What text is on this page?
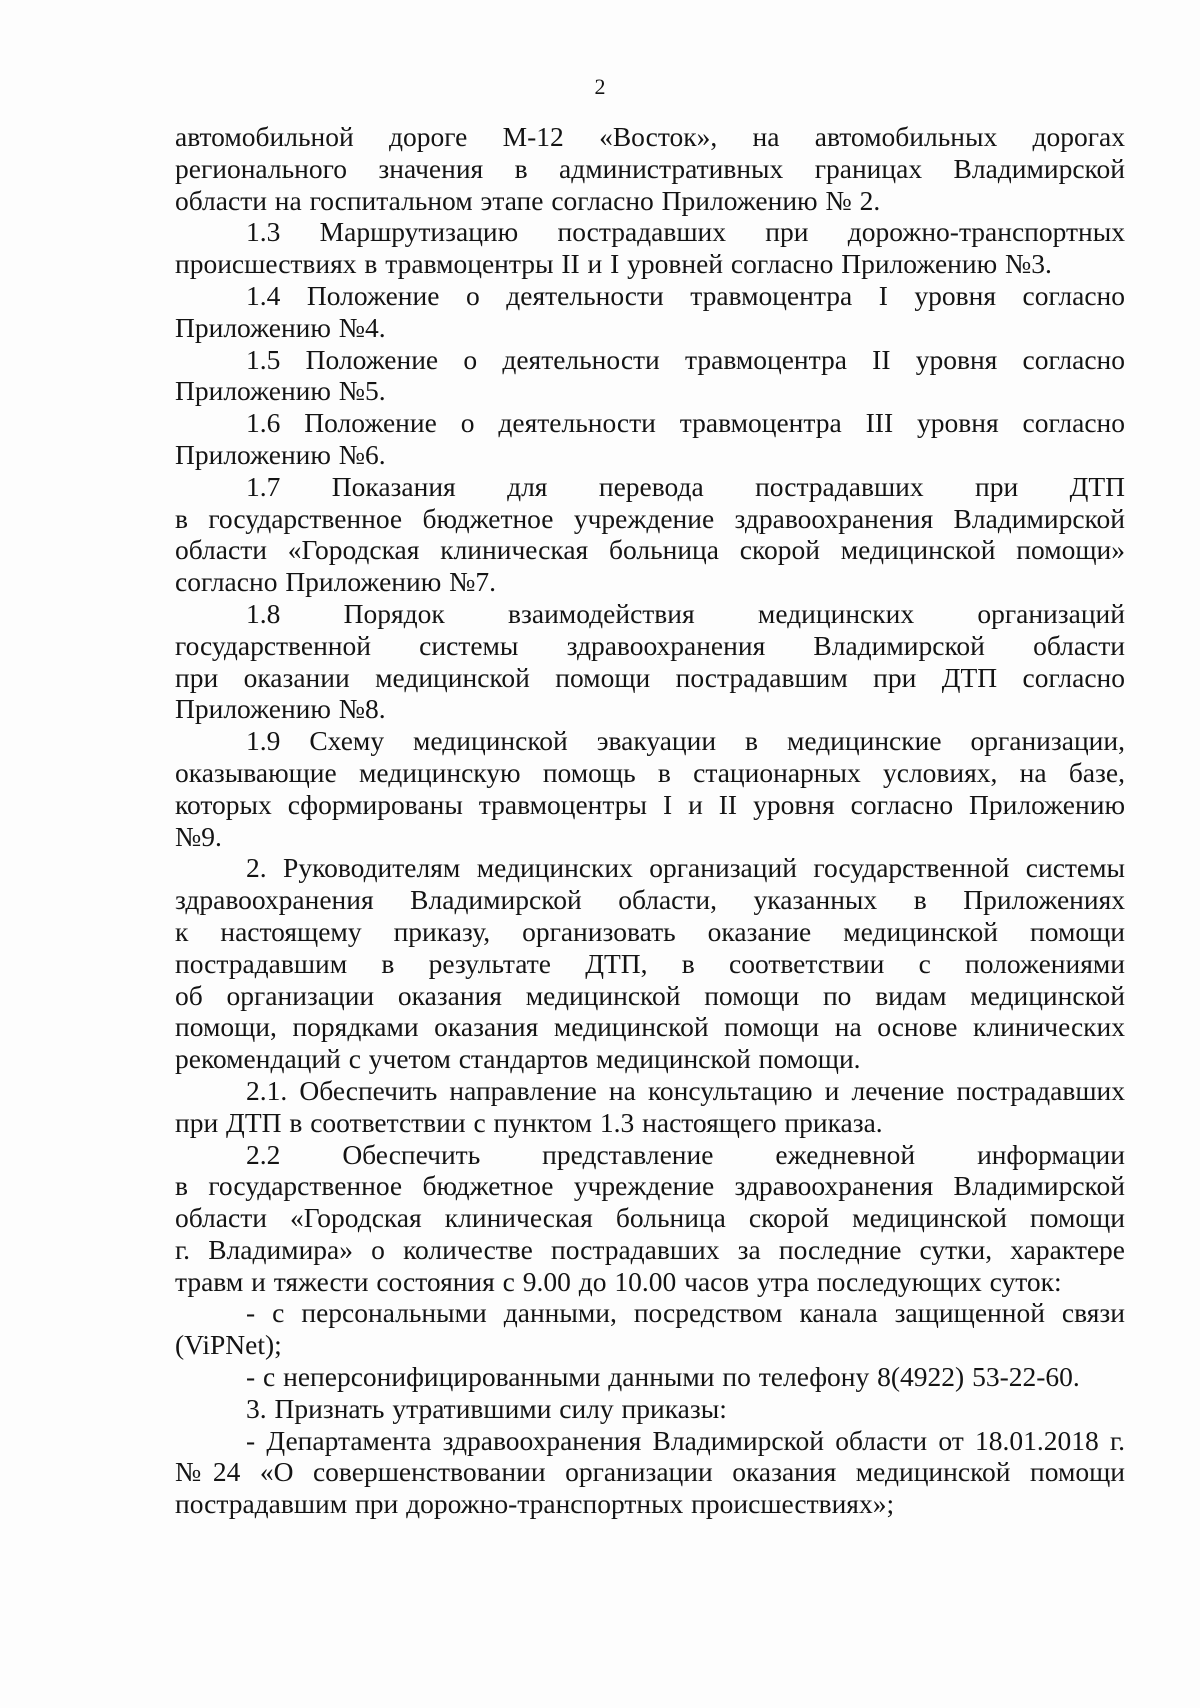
2
автомобильной дороге М-12 «Восток», на автомобильных дорогах
регионального значения в административных границах Владимирской
области на госпитальном этапе согласно Приложению № 2.
1.3 Маршрутизацию пострадавших при дорожно-транспортных
происшествиях в травмоцентры II и I уровней согласно Приложению №3.
1.4 Положение о деятельности травмоцентра I уровня согласно
Приложению №4.
1.5 Положение о деятельности травмоцентра II уровня согласно
Приложению №5.
1.6 Положение о деятельности травмоцентра III уровня согласно
Приложению №6.
1.7 Показания для перевода пострадавших при ДТП
в государственное бюджетное учреждение здравоохранения Владимирской
области «Городская клиническая больница скорой медицинской помощи»
согласно Приложению №7.
1.8 Порядок взаимодействия медицинских организаций
государственной системы здравоохранения Владимирской области
при оказании медицинской помощи пострадавшим при ДТП согласно
Приложению №8.
1.9 Схему медицинской эвакуации в медицинские организации,
оказывающие медицинскую помощь в стационарных условиях, на базе,
которых сформированы травмоцентры I и II уровня согласно Приложению
№9.
2. Руководителям медицинских организаций государственной системы
здравоохранения Владимирской области, указанных в Приложениях
к настоящему приказу, организовать оказание медицинской помощи
пострадавшим в результате ДТП, в соответствии с положениями
об организации оказания медицинской помощи по видам медицинской
помощи, порядками оказания медицинской помощи на основе клинических
рекомендаций с учетом стандартов медицинской помощи.
2.1. Обеспечить направление на консультацию и лечение пострадавших
при ДТП в соответствии с пунктом 1.3 настоящего приказа.
2.2 Обеспечить представление ежедневной информации
в государственное бюджетное учреждение здравоохранения Владимирской
области «Городская клиническая больница скорой медицинской помощи
г. Владимира» о количестве пострадавших за последние сутки, характере
травм и тяжести состояния с 9.00 до 10.00 часов утра последующих суток:
- с персональными данными, посредством канала защищенной связи
(ViPNet);
- с неперсонифицированными данными по телефону 8(4922) 53-22-60.
3. Признать утратившими силу приказы:
- Департамента здравоохранения Владимирской области от 18.01.2018 г.
№24 «О совершенствовании организации оказания медицинской помощи
пострадавшим при дорожно-транспортных происшествиях»;
